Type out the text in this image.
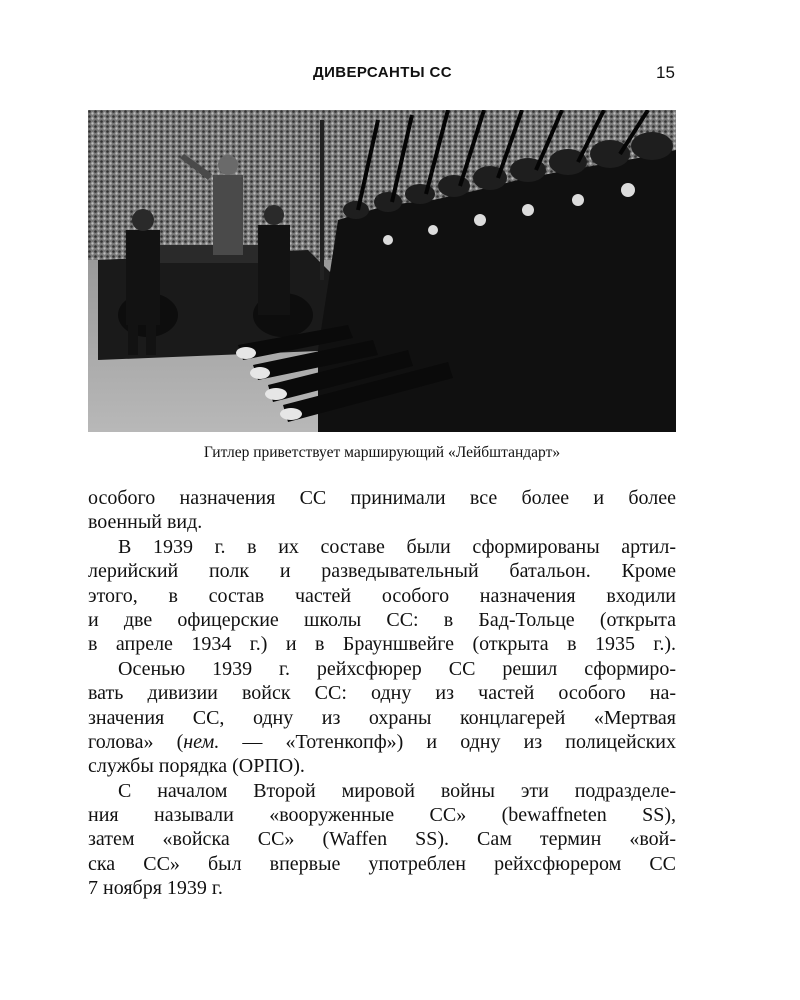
ДИВЕРСАНТЫ СС	15
Гитлер приветствует марширующий «Лейбштандарт»
особого назначения СС принимали все более и более
военный вид.
В 1939 г. в их составе были сформированы артил-
лерийский полк и разведывательный батальон. Кроме
этого, в состав частей особого назначения входили
и две офицерские школы СС: в Бад-Тольце (открыта
в апреле 1934 г.) и в Брауншвейге (открыта в 1935 г.).
Осенью 1939 г. рейхсфюрер СС решил сформиро-
вать дивизии войск СС: одну из частей особого на-
значения СС, одну из охраны концлагерей «Мертвая
голова» (нем. — «Тотенкопф») и одну из полицейских
службы порядка (ОРПО).
С началом Второй мировой войны эти подразделе-
ния называли «вооруженные СС» (bewaffneten SS),
затем «войска СС» (Waffen SS). Сам термин «вой-
ска СС» был впервые употреблен рейхсфюрером СС
7 ноября 1939 г.
